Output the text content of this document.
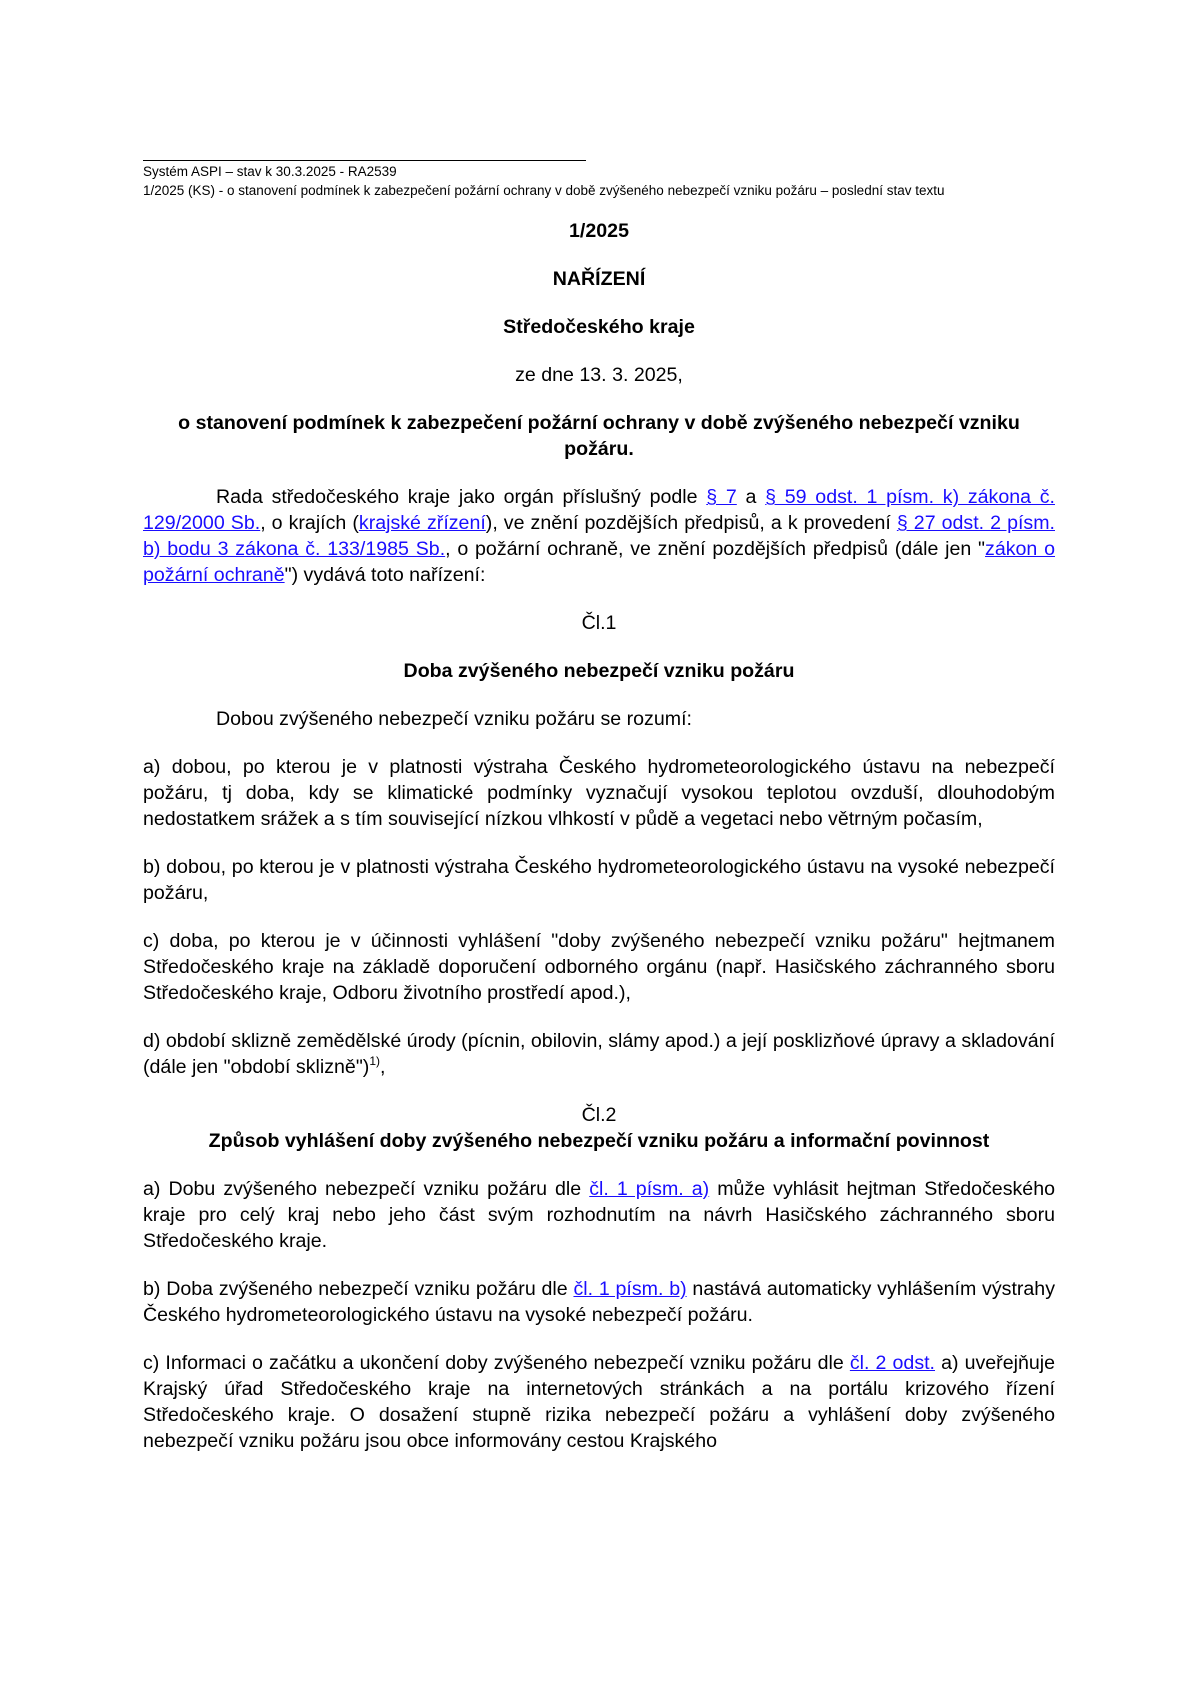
Systém ASPI – stav k 30.3.2025 - RA2539
1/2025 (KS) - o stanovení podmínek k zabezpečení požární ochrany v době zvýšeného nebezpečí vzniku požáru – poslední stav textu
1/2025
NAŘÍZENÍ
Středočeského kraje
ze dne 13. 3. 2025,
o stanovení podmínek k zabezpečení požární ochrany v době zvýšeného nebezpečí vzniku požáru.

Rada středočeského kraje jako orgán příslušný podle § 7 a § 59 odst. 1 písm. k) zákona č. 129/2000 Sb., o krajích (krajské zřízení), ve znění pozdějších předpisů, a k provedení § 27 odst. 2 písm. b) bodu 3 zákona č. 133/1985 Sb., o požární ochraně, ve znění pozdějších předpisů (dále jen "zákon o požární ochraně") vydává toto nařízení:

Čl.1
Doba zvýšeného nebezpečí vzniku požáru

Dobou zvýšeného nebezpečí vzniku požáru se rozumí:

a) dobou, po kterou je v platnosti výstraha Českého hydrometeorologického ústavu na nebezpečí požáru, tj doba, kdy se klimatické podmínky vyznačují vysokou teplotou ovzduší, dlouhodobým nedostatkem srážek a s tím související nízkou vlhkostí v půdě a vegetaci nebo větrným počasím,

b) dobou, po kterou je v platnosti výstraha Českého hydrometeorologického ústavu na vysoké nebezpečí požáru,

c) doba, po kterou je v účinnosti vyhlášení "doby zvýšeného nebezpečí vzniku požáru" hejtmanem Středočeského kraje na základě doporučení odborného orgánu (např. Hasičského záchranného sboru Středočeského kraje, Odboru životního prostředí apod.),

d) období sklizně zemědělské úrody (pícnin, obilovin, slámy apod.) a její posklizňové úpravy a skladování (dále jen "období sklizně")$^{1)}$,

Čl.2
Způsob vyhlášení doby zvýšeného nebezpečí vzniku požáru a informační povinnost

a) Dobu zvýšeného nebezpečí vzniku požáru dle čl. 1 písm. a) může vyhlásit hejtman Středočeského kraje pro celý kraj nebo jeho část svým rozhodnutím na návrh Hasičského záchranného sboru Středočeského kraje.

b) Doba zvýšeného nebezpečí vzniku požáru dle čl. 1 písm. b) nastává automaticky vyhlášením výstrahy Českého hydrometeorologického ústavu na vysoké nebezpečí požáru.

c) Informaci o začátku a ukončení doby zvýšeného nebezpečí vzniku požáru dle čl. 2 odst. a) uveřejňuje Krajský úřad Středočeského kraje na internetových stránkách a na portálu krizového řízení Středočeského kraje. O dosažení stupně rizika nebezpečí požáru a vyhlášení doby zvýšeného nebezpečí vzniku požáru jsou obce informovány cestou Krajského
